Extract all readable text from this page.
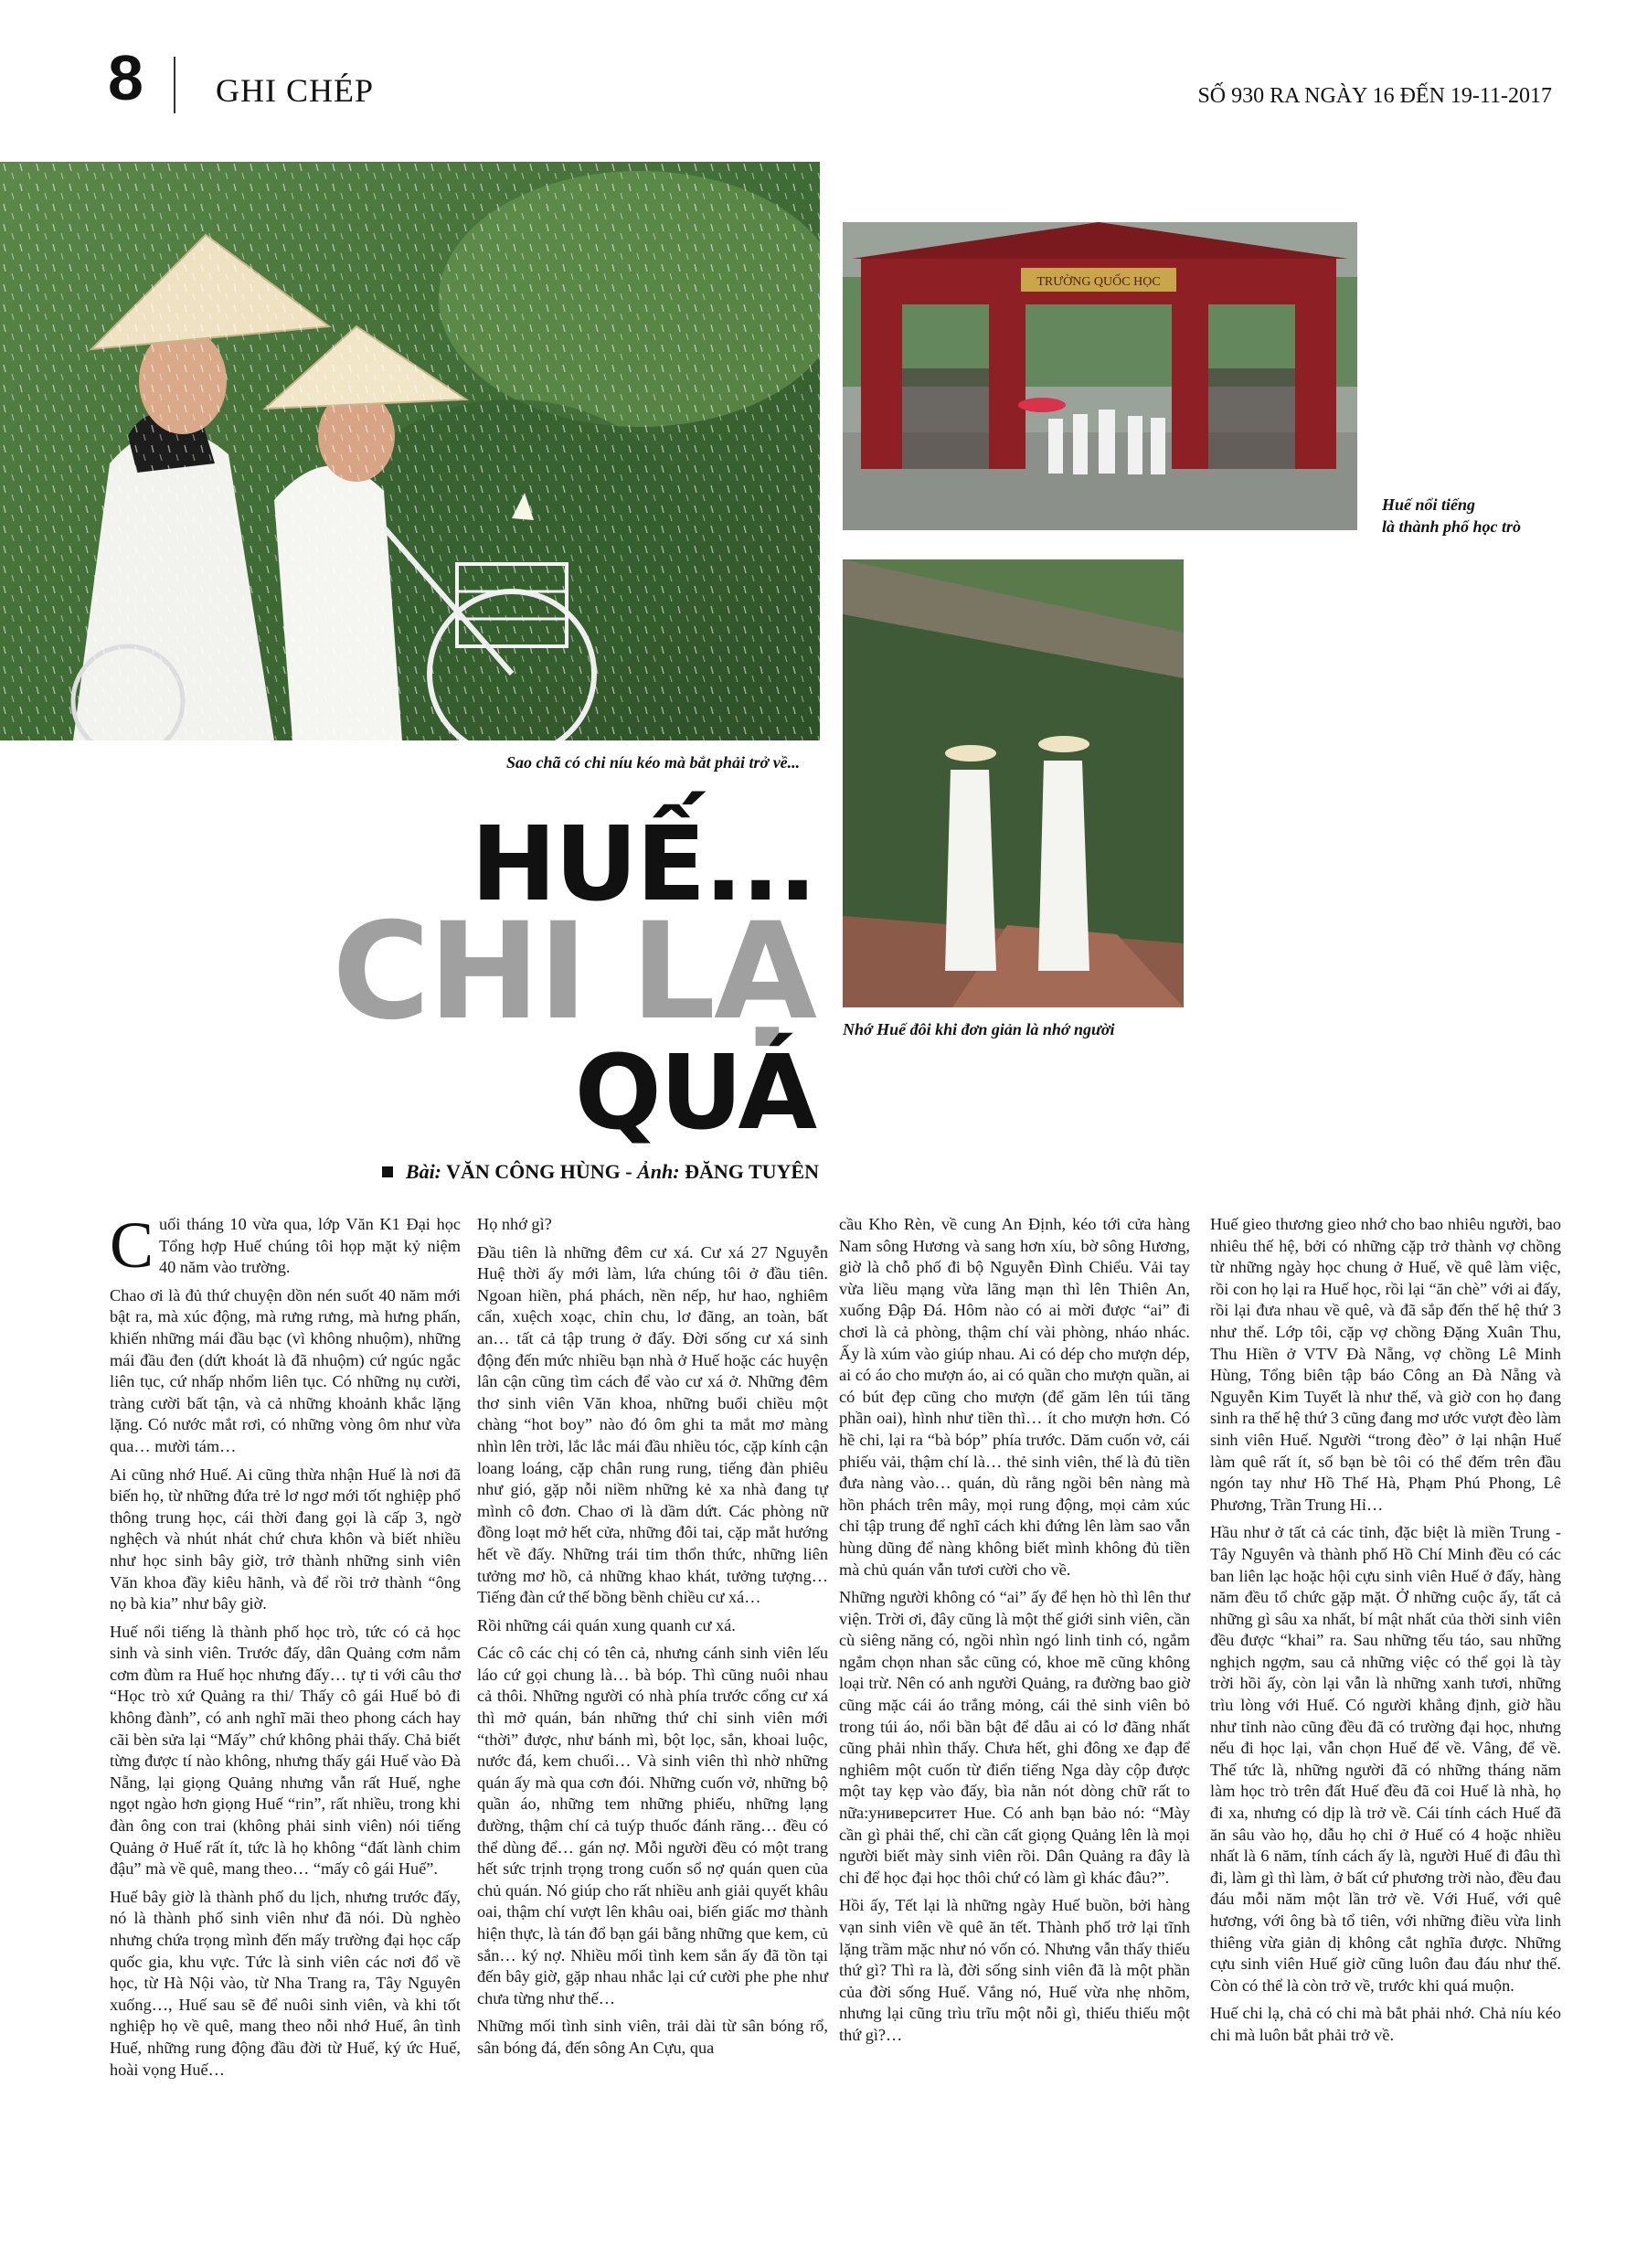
8 GHI CHÉP	SỐ 930 RA NGÀY 16 ĐẾN 19-11-2017
Sao chã có chi níu kéo mà bắt phải trở về...
TRƯỜNG QUỐC HỌC
Huế nổi tiếng
là thành phố học trò
Nhớ Huế đôi khi đơn giản là nhớ người
HUẾ...
CHI LẠ
QUÁ
Bài: VĂN CÔNG HÙNG - Ảnh: ĐĂNG TUYÊN

Cuối tháng 10 vừa qua, lớp Văn K1 Đại học Tổng hợp Huế chúng tôi họp mặt kỷ niệm 40 năm vào trường.

Chao ơi là đủ thứ chuyện dồn nén suốt 40 năm mới bật ra, mà xúc động, mà rưng rưng, mà hưng phấn, khiến những mái đầu bạc (vì không nhuộm), những mái đầu đen (dứt khoát là đã nhuộm) cứ ngúc ngắc liên tục, cứ nhấp nhổm liên tục. Có những nụ cười, tràng cười bất tận, và cả những khoảnh khắc lặng lặng. Có nước mắt rơi, có những vòng ôm như vừa qua… mười tám…

Ai cũng nhớ Huế. Ai cũng thừa nhận Huế là nơi đã biến họ, từ những đứa trẻ lơ ngơ mới tốt nghiệp phổ thông trung học, cái thời đang gọi là cấp 3, ngờ nghệch và nhút nhát chứ chưa khôn và biết nhiều như học sinh bây giờ, trở thành những sinh viên Văn khoa đầy kiêu hãnh, và để rồi trở thành “ông nọ bà kia” như bây giờ.

Huế nổi tiếng là thành phố học trò, tức có cả học sinh và sinh viên. Trước đấy, dân Quảng cơm nắm cơm đùm ra Huế học nhưng đấy… tự ti với câu thơ “Học trò xứ Quảng ra thi/ Thấy cô gái Huế bỏ đi không đành”, có anh nghĩ mãi theo phong cách hay cãi bèn sửa lại “Mấy” chứ không phải thấy. Chả biết từng được tí nào không, nhưng thấy gái Huế vào Đà Nẵng, lại giọng Quảng nhưng vẫn rất Huế, nghe ngọt ngào hơn giọng Huế “rin”, rất nhiều, trong khi đàn ông con trai (không phải sinh viên) nói tiếng Quảng ở Huế rất ít, tức là họ không “đất lành chim đậu” mà về quê, mang theo… “mấy cô gái Huế”.

Huế bây giờ là thành phố du lịch, nhưng trước đấy, nó là thành phố sinh viên như đã nói. Dù nghèo nhưng chứa trọng mình đến mấy trường đại học cấp quốc gia, khu vực. Tức là sinh viên các nơi đổ về học, từ Hà Nội vào, từ Nha Trang ra, Tây Nguyên xuống…, Huế sau sẽ để nuôi sinh viên, và khi tốt nghiệp họ về quê, mang theo nỗi nhớ Huế, ân tình Huế, những rung động đầu đời từ Huế, ký ức Huế, hoài vọng Huế…

Họ nhớ gì?

Đầu tiên là những đêm cư xá. Cư xá 27 Nguyễn Huệ thời ấy mới làm, lứa chúng tôi ở đầu tiên. Ngoan hiền, phá phách, nền nếp, hư hao, nghiêm cẩn, xuệch xoạc, chỉn chu, lơ đãng, an toàn, bất an… tất cả tập trung ở đấy. Đời sống cư xá sinh động đến mức nhiều bạn nhà ở Huế hoặc các huyện lân cận cũng tìm cách để vào cư xá ở. Những đêm thơ sinh viên Văn khoa, những buổi chiều một chàng “hot boy” nào đó ôm ghi ta mắt mơ màng nhìn lên trời, lắc lắc mái đầu nhiều tóc, cặp kính cận loang loáng, cặp chân rung rung, tiếng đàn phiêu như gió, gặp nỗi niềm những kẻ xa nhà đang tự mình cô đơn. Chao ơi là dầm dứt. Các phòng nữ đồng loạt mở hết cửa, những đôi tai, cặp mắt hướng hết về đấy. Những trái tim thổn thức, những liên tưởng mơ hồ, cả những khao khát, tưởng tượng… Tiếng đàn cứ thế bồng bềnh chiều cư xá…

Rồi những cái quán xung quanh cư xá.

Các cô các chị có tên cả, nhưng cánh sinh viên lếu láo cứ gọi chung là… bà bóp. Thì cũng nuôi nhau cả thôi. Những người có nhà phía trước cổng cư xá thì mở quán, bán những thứ chỉ sinh viên mới “thời” được, như bánh mì, bột lọc, sắn, khoai luộc, nước đá, kem chuối… Và sinh viên thì nhờ những quán ấy mà qua cơn đói. Những cuốn vở, những bộ quần áo, những tem những phiếu, những lạng đường, thậm chí cả tuýp thuốc đánh răng… đều có thể dùng để… gán nợ. Mỗi người đều có một trang hết sức trịnh trọng trong cuốn sổ nợ quán quen của chủ quán. Nó giúp cho rất nhiều anh giải quyết khâu oai, thậm chí vượt lên khâu oai, biến giấc mơ thành hiện thực, là tán đổ bạn gái bằng những que kem, củ sắn… ký nợ. Nhiều mối tình kem sắn ấy đã tồn tại đến bây giờ, gặp nhau nhắc lại cứ cười phe phe như chưa từng như thế…

Những mối tình sinh viên, trải dài từ sân bóng rổ, sân bóng đá, đến sông An Cựu, qua

cầu Kho Rèn, về cung An Định, kéo tới cửa hàng Nam sông Hương và sang hơn xíu, bờ sông Hương, giờ là chỗ phố đi bộ Nguyễn Đình Chiểu. Vải tay vừa liều mạng vừa lãng mạn thì lên Thiên An, xuống Đập Đá. Hôm nào có ai mời được “ai” đi chơi là cả phòng, thậm chí vài phòng, nháo nhác. Ấy là xúm vào giúp nhau. Ai có dép cho mượn dép, ai có áo cho mượn áo, ai có quần cho mượn quần, ai có bút đẹp cũng cho mượn (để găm lên túi tăng phần oai), hình như tiền thì… ít cho mượn hơn. Có hề chi, lại ra “bà bóp” phía trước. Dăm cuốn vở, cái phiếu vải, thậm chí là… thẻ sinh viên, thế là đủ tiền đưa nàng vào… quán, dù rằng ngồi bên nàng mà hồn phách trên mây, mọi rung động, mọi cảm xúc chỉ tập trung để nghĩ cách khi đứng lên làm sao vẫn hùng dũng để nàng không biết mình không đủ tiền mà chủ quán vẫn tươi cười cho về.

Những người không có “ai” ấy để hẹn hò thì lên thư viện. Trời ơi, đây cũng là một thế giới sinh viên, cần cù siêng năng có, ngồi nhìn ngó linh tinh có, ngắm ngắm chọn nhan sắc cũng có, khoe mẽ cũng không loại trừ. Nên có anh người Quảng, ra đường bao giờ cũng mặc cái áo trắng mỏng, cái thẻ sinh viên bỏ trong túi áo, nổi bần bật để dẫu ai có lơ đãng nhất cũng phải nhìn thấy. Chưa hết, ghi đông xe đạp để nghiêm một cuốn từ điển tiếng Nga dày cộp được một tay kẹp vào đấy, bìa nằn nót dòng chữ rất to nữa:университет Hue. Có anh bạn bảo nó: “Mày cần gì phải thế, chỉ cần cất giọng Quảng lên là mọi người biết mày sinh viên rồi. Dân Quảng ra đây là chỉ để học đại học thôi chứ có làm gì khác đâu?”.

Hồi ấy, Tết lại là những ngày Huế buồn, bởi hàng vạn sinh viên về quê ăn tết. Thành phố trở lại tĩnh lặng trầm mặc như nó vốn có. Nhưng vẫn thấy thiếu thứ gì? Thì ra là, đời sống sinh viên đã là một phần của đời sống Huế. Vắng nó, Huế vừa nhẹ nhõm, nhưng lại cũng trìu trĩu một nỗi gì, thiếu thiếu một thứ gì?…

Huế gieo thương gieo nhớ cho bao nhiêu người, bao nhiêu thế hệ, bởi có những cặp trở thành vợ chồng từ những ngày học chung ở Huế, về quê làm việc, rồi con họ lại ra Huế học, rồi lại “ăn chè” với ai đấy, rồi lại đưa nhau về quê, và đã sắp đến thế hệ thứ 3 như thế. Lớp tôi, cặp vợ chồng Đặng Xuân Thu, Thu Hiền ở VTV Đà Nẵng, vợ chồng Lê Minh Hùng, Tổng biên tập báo Công an Đà Nẵng và Nguyễn Kim Tuyết là như thế, và giờ con họ đang sinh ra thế hệ thứ 3 cũng đang mơ ước vượt đèo làm sinh viên Huế. Người “trong đèo” ở lại nhận Huế làm quê rất ít, số bạn bè tôi có thể đếm trên đầu ngón tay như Hồ Thế Hà, Phạm Phú Phong, Lê Phương, Trần Trung Hỉ…

Hầu như ở tất cả các tỉnh, đặc biệt là miền Trung - Tây Nguyên và thành phố Hồ Chí Minh đều có các ban liên lạc hoặc hội cựu sinh viên Huế ở đấy, hàng năm đều tổ chức gặp mặt. Ở những cuộc ấy, tất cả những gì sâu xa nhất, bí mật nhất của thời sinh viên đều được “khai” ra. Sau những tếu táo, sau những nghịch ngợm, sau cả những việc có thể gọi là tày trời hồi ấy, còn lại vẫn là những xanh tươi, những trìu lòng với Huế. Có người khẳng định, giờ hầu như tỉnh nào cũng đều đã có trường đại học, nhưng nếu đi học lại, vẫn chọn Huế để về. Vâng, để về. Thế tức là, những người đã có những tháng năm làm học trò trên đất Huế đều đã coi Huế là nhà, họ đi xa, nhưng có dịp là trở về. Cái tính cách Huế đã ăn sâu vào họ, dẫu họ chỉ ở Huế có 4 hoặc nhiều nhất là 6 năm, tính cách ấy là, người Huế đi đâu thì đi, làm gì thì làm, ở bất cứ phương trời nào, đều đau đáu mỗi năm một lần trở về. Với Huế, với quê hương, với ông bà tổ tiên, với những điều vừa linh thiêng vừa giản dị không cắt nghĩa được. Những cựu sinh viên Huế giờ cũng luôn đau đáu như thế. Còn có thể là còn trở về, trước khi quá muộn.

Huế chi lạ, chả có chi mà bắt phải nhớ. Chả níu kéo chi mà luôn bắt phải trở về.
